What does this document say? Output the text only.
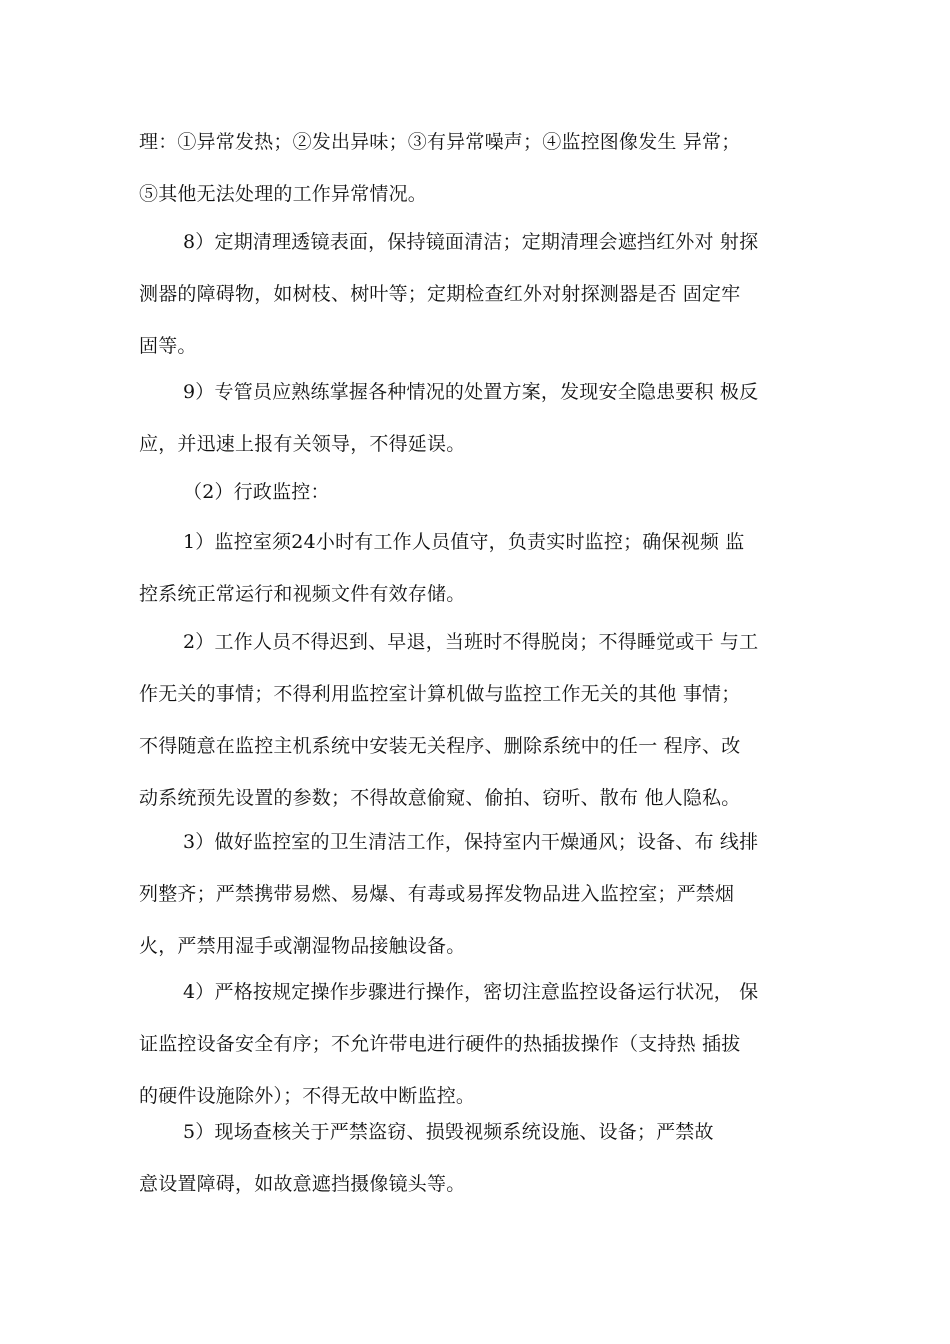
理：①异常发热；②发出异味；③有异常噪声；④监控图像发生 异常；
⑤其他无法处理的工作异常情况。
8）定期清理透镜表面，保持镜面清洁；定期清理会遮挡红外对 射探
测器的障碍物，如树枝、树叶等；定期检查红外对射探测器是否 固定牢
固等。
9）专管员应熟练掌握各种情况的处置方案，发现安全隐患要积 极反
应，并迅速上报有关领导，不得延误。
（2）行政监控：
1）监控室须24小时有工作人员值守，负责实时监控；确保视频 监
控系统正常运行和视频文件有效存储。
2）工作人员不得迟到、早退，当班时不得脱岗；不得睡觉或干 与工
作无关的事情；不得利用监控室计算机做与监控工作无关的其他 事情；
不得随意在监控主机系统中安装无关程序、删除系统中的任一 程序、改
动系统预先设置的参数；不得故意偷窥、偷拍、窃听、散布 他人隐私。
3）做好监控室的卫生清洁工作，保持室内干燥通风；设备、布 线排
列整齐；严禁携带易燃、易爆、有毒或易挥发物品进入监控室；严禁烟
火，严禁用湿手或潮湿物品接触设备。
4）严格按规定操作步骤进行操作，密切注意监控设备运行状况， 保
证监控设备安全有序；不允许带电进行硬件的热插拔操作（支持热 插拔
的硬件设施除外）；不得无故中断监控。
5）现场查核关于严禁盗窃、损毁视频系统设施、设备；严禁故
意设置障碍，如故意遮挡摄像镜头等。
